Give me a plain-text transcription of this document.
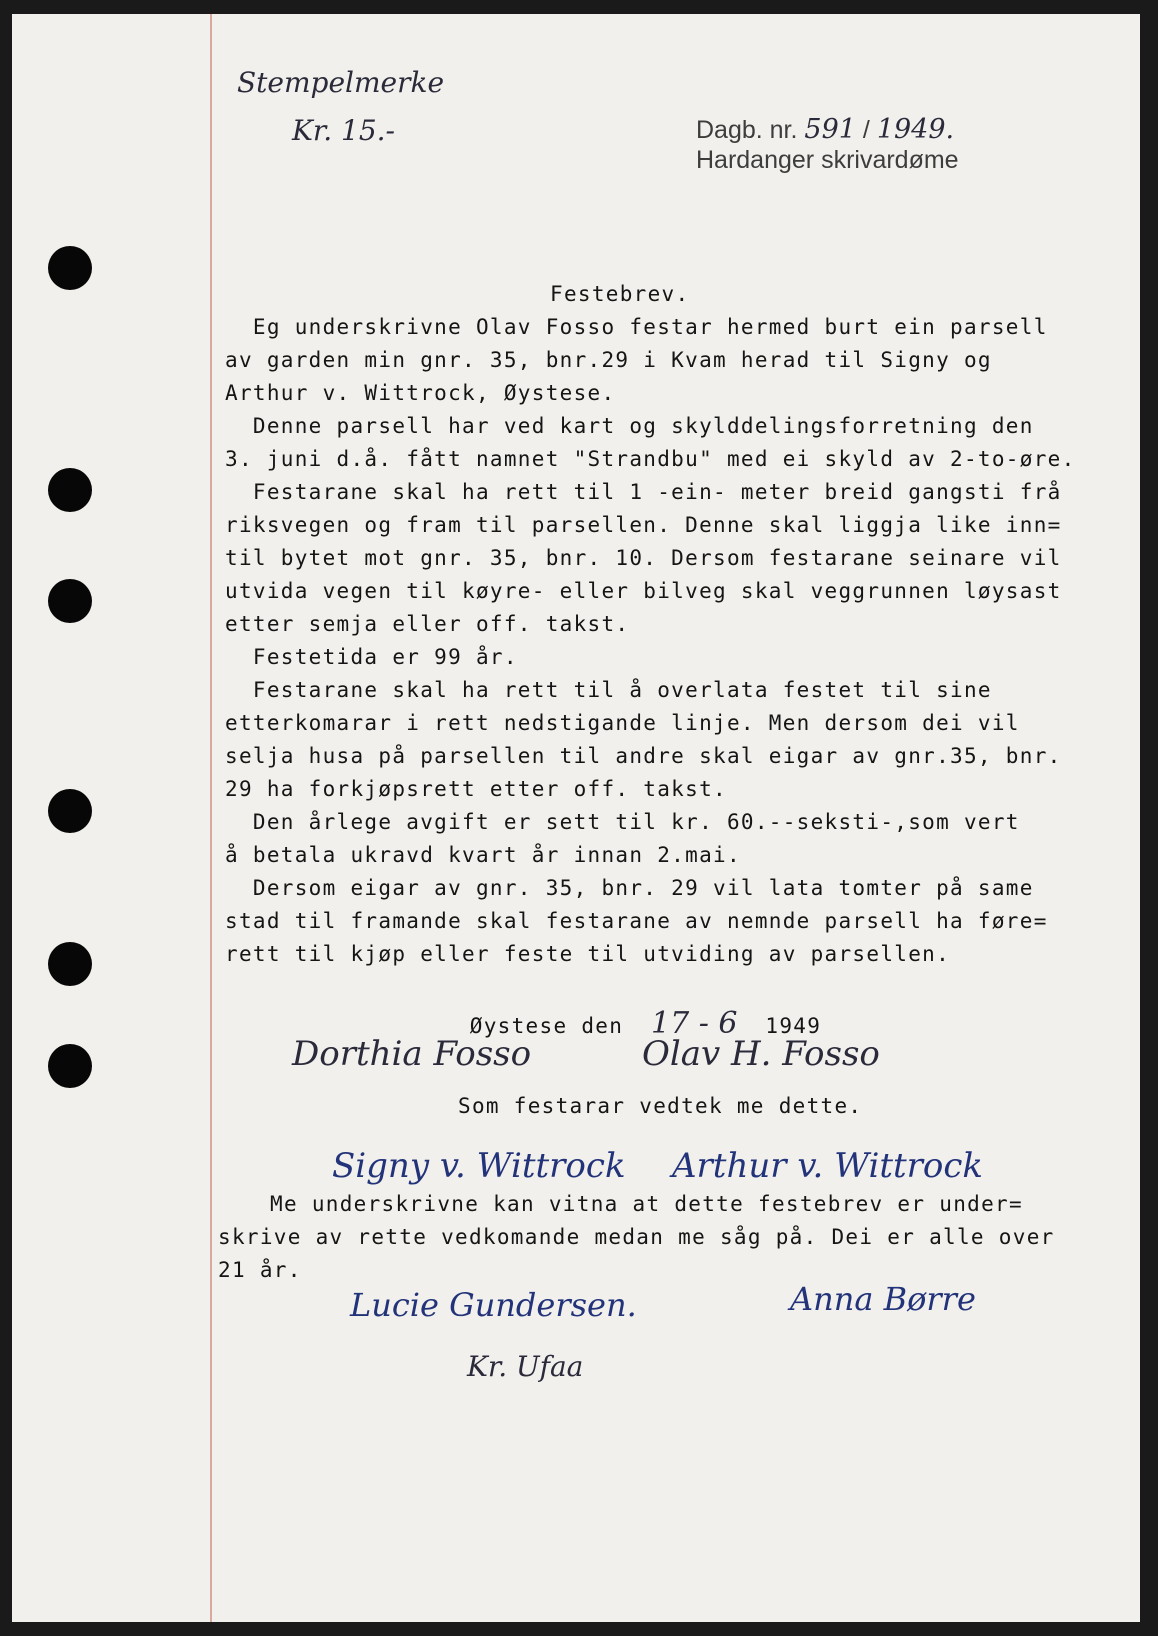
Stempelmerke
Kr. 15.-	Dagb. nr. 591 / 1949.
Hardanger skrivardøme
Festebrev.
Eg underskrivne Olav Fosso festar hermed burt ein parsell
av garden min gnr. 35, bnr.29 i Kvam herad til Signy og
Arthur v. Wittrock, Øystese.
Denne parsell har ved kart og skylddelingsforretning den
3. juni d.å. fått namnet "Strandbu" med ei skyld av 2-to-øre.
Festarane skal ha rett til 1 -ein- meter breid gangsti frå
riksvegen og fram til parsellen. Denne skal liggja like inn=
til bytet mot gnr. 35, bnr. 10. Dersom festarane seinare vil
utvida vegen til køyre- eller bilveg skal veggrunnen løysast
etter semja eller off. takst.
Festetida er 99 år.
Festarane skal ha rett til å overlata festet til sine
etterkomarar i rett nedstigande linje. Men dersom dei vil
selja husa på parsellen til andre skal eigar av gnr.35, bnr.
29 ha forkjøpsrett etter off. takst.
Den årlege avgift er sett til kr. 60.--seksti-,som vert
å betala ukravd kvart år innan 2.mai.
Dersom eigar av gnr. 35, bnr. 29 vil lata tomter på same
stad til framande skal festarane av nemnde parsell ha føre=
rett til kjøp eller feste til utviding av parsellen.

Øystese den 17 - 6 1949

Dorthia Fosso	Olav H. Fosso
Som festarar vedtek me dette.
Signy v. Wittrock Arthur v. Wittrock
Me underskrivne kan vitna at dette festebrev er under=
skrive av rette vedkomande medan me såg på. Dei er alle over
21 år.
Lucie Gundersen.	Anna Børre
Kr. Ufaa
